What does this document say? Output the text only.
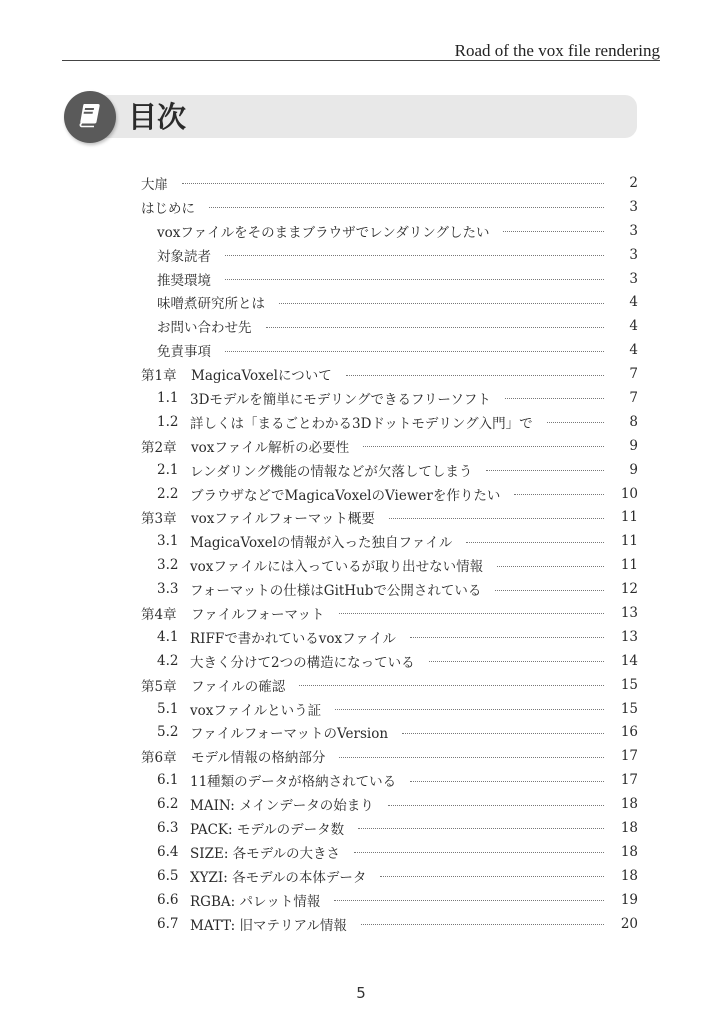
Road of the vox file rendering
目次
大扉	2
はじめに	3
voxファイルをそのままブラウザでレンダリングしたい	3
対象読者	3
推奨環境	3
味噌煮研究所とは	4
お問い合わせ先	4
免責事項	4
第1章	MagicaVoxelについて	7
1.1 3Dモデルを簡単にモデリングできるフリーソフト	7
1.2 詳しくは「まるごとわかる3Dドットモデリング入門」で	8
第2章	voxファイル解析の必要性	9
2.1 レンダリング機能の情報などが欠落してしまう	9
2.2 ブラウザなどでMagicaVoxelのViewerを作りたい	10
第3章	voxファイルフォーマット概要	11
3.1 MagicaVoxelの情報が入った独自ファイル	11
3.2 voxファイルには入っているが取り出せない情報	11
3.3 フォーマットの仕様はGitHubで公開されている	12
第4章	ファイルフォーマット	13
4.1 RIFFで書かれているvoxファイル	13
4.2 大きく分けて2つの構造になっている	14
第5章	ファイルの確認	15
5.1 voxファイルという証	15
5.2 ファイルフォーマットのVersion	16
第6章	モデル情報の格納部分	17
6.1 11種類のデータが格納されている	17
6.2 MAIN: メインデータの始まり	18
6.3 PACK: モデルのデータ数	18
6.4 SIZE: 各モデルの大きさ	18
6.5 XYZI: 各モデルの本体データ	18
6.6 RGBA: パレット情報	19
6.7 MATT: 旧マテリアル情報	20
5
